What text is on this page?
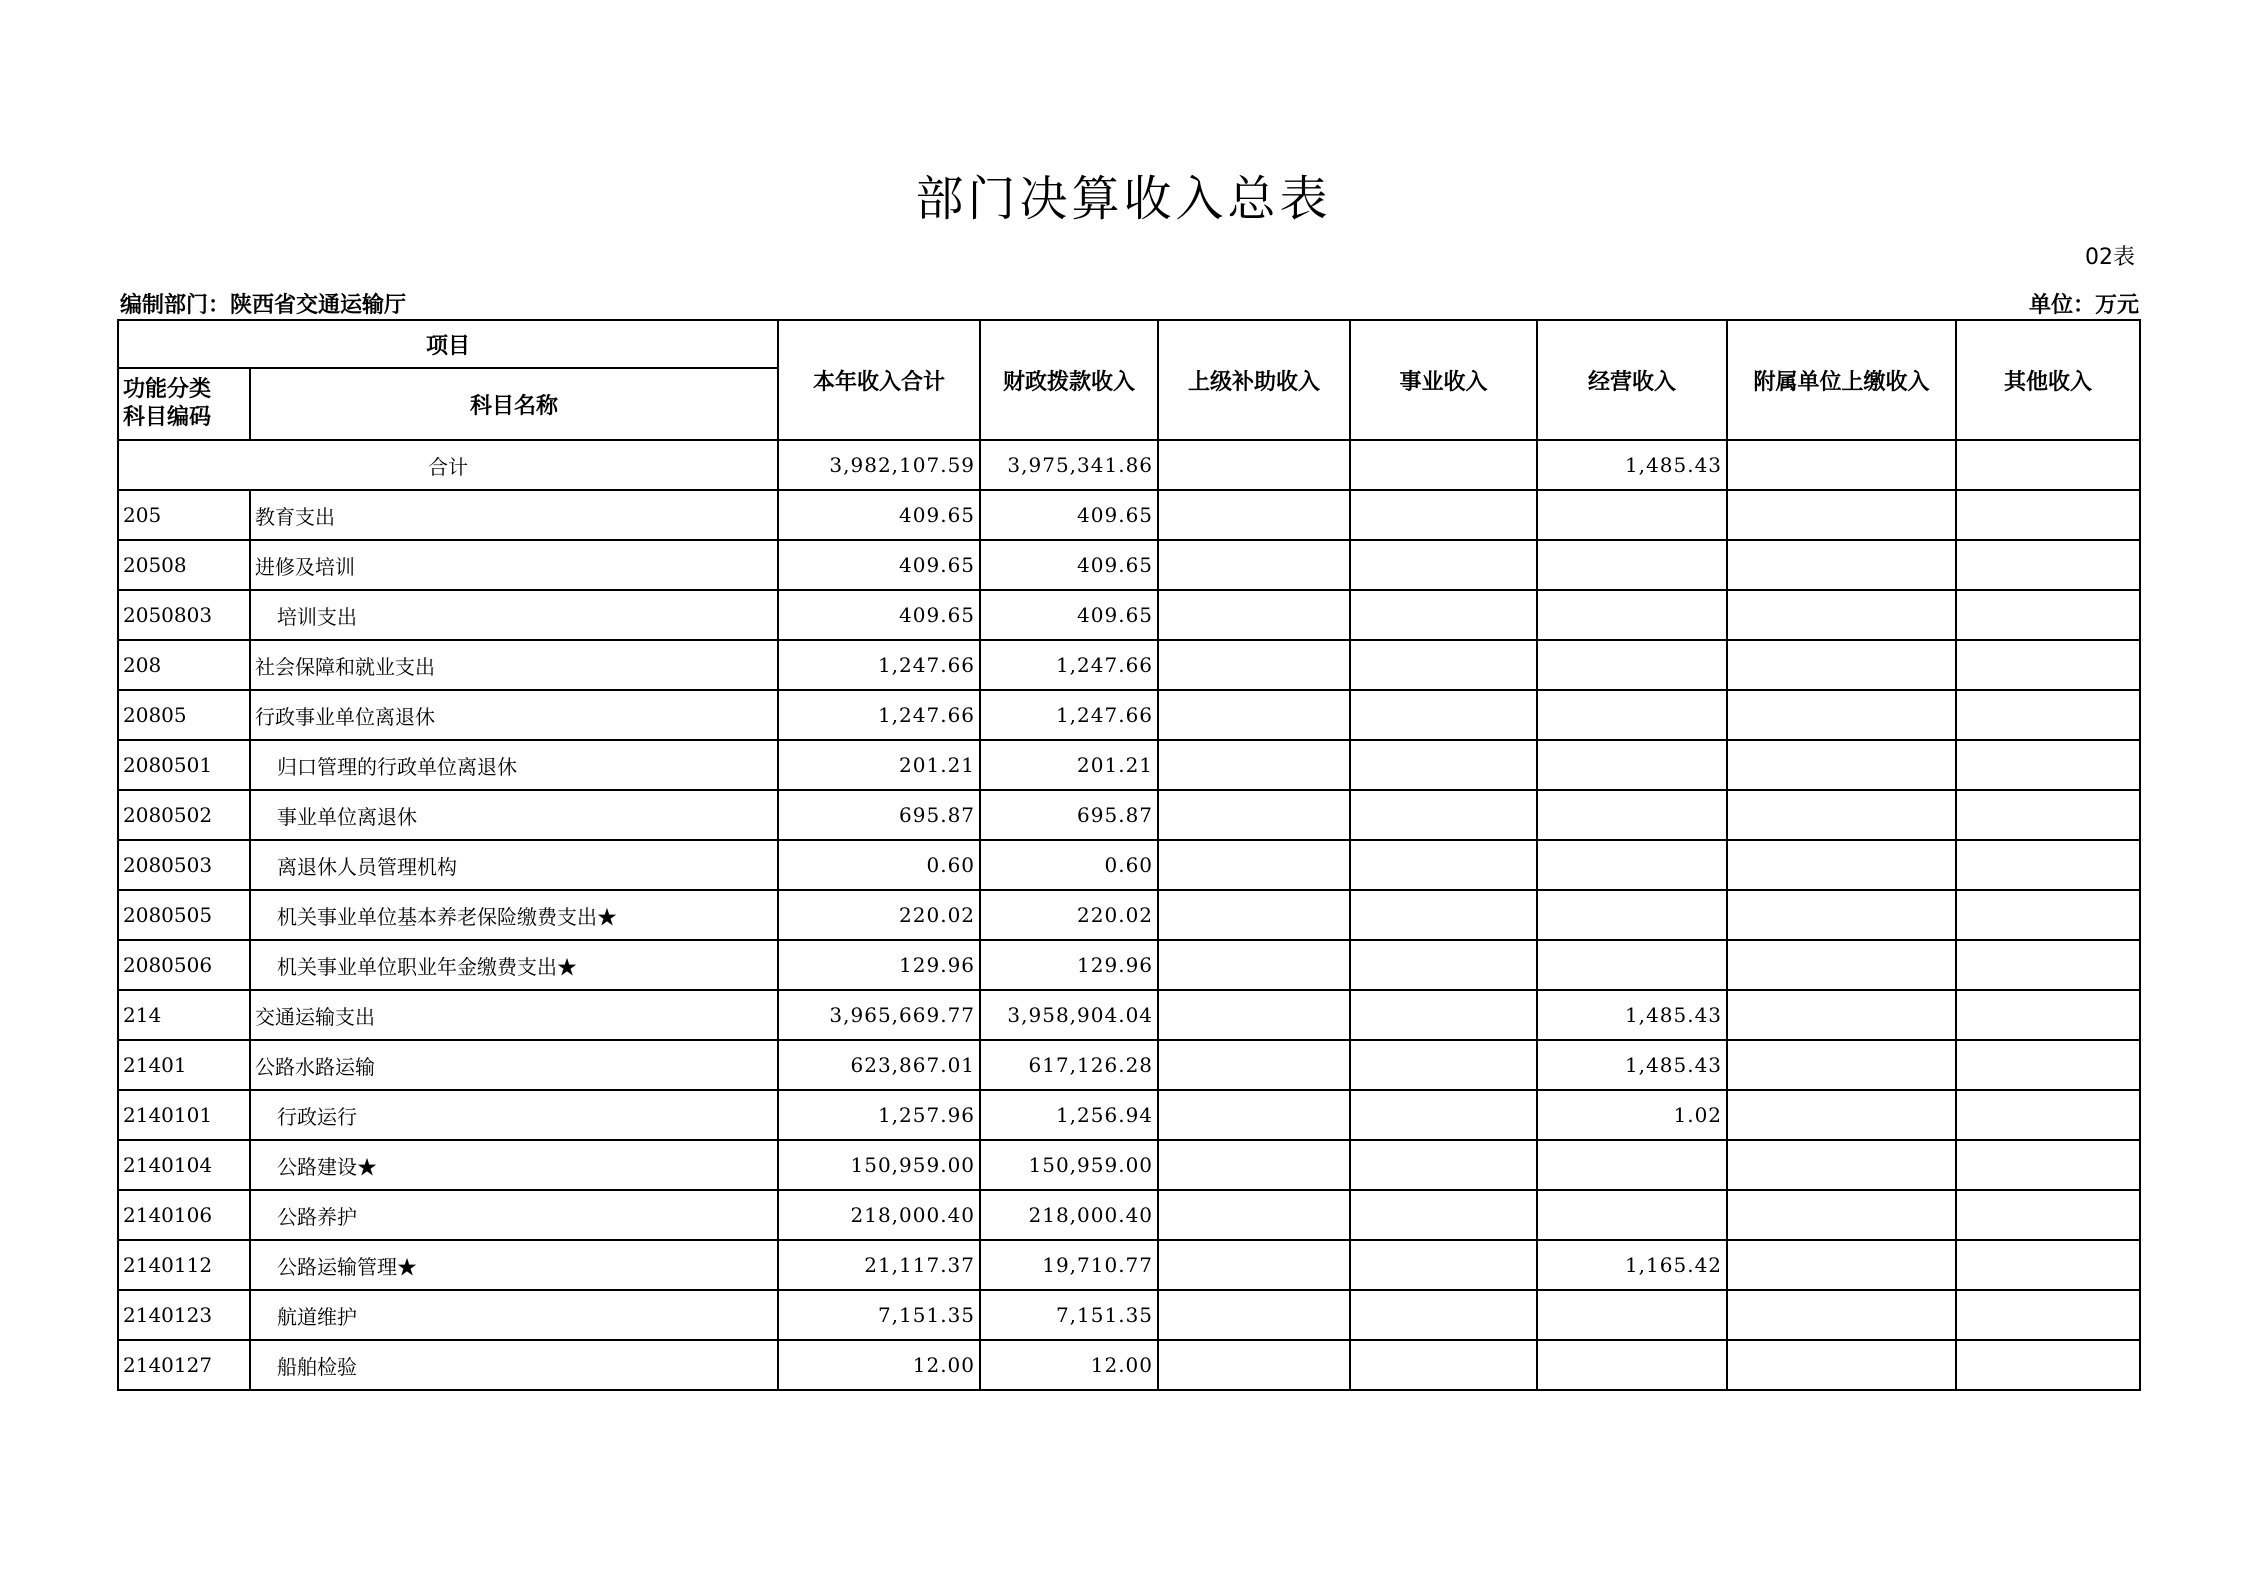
部门决算收入总表
02表
编制部门：陕西省交通运输厅	单位：万元
项目		本年收入合计	财政拨款收入	上级补助收入	事业收入	经营收入	附属单位上缴收入	其他收入
功能分类
科目编码	科目名称							
合计		3,982,107.59	3,975,341.86			1,485.43		
205	教育支出	409.65	409.65					
20508	进修及培训	409.65	409.65					
2050803	培训支出	409.65	409.65					
208	社会保障和就业支出	1,247.66	1,247.66					
20805	行政事业单位离退休	1,247.66	1,247.66					
2080501	归口管理的行政单位离退休	201.21	201.21					
2080502	事业单位离退休	695.87	695.87					
2080503	离退休人员管理机构	0.60	0.60					
2080505	机关事业单位基本养老保险缴费支出★	220.02	220.02					
2080506	机关事业单位职业年金缴费支出★	129.96	129.96					
214	交通运输支出	3,965,669.77	3,958,904.04			1,485.43		
21401	公路水路运输	623,867.01	617,126.28			1,485.43		
2140101	行政运行	1,257.96	1,256.94			1.02		
2140104	公路建设★	150,959.00	150,959.00					
2140106	公路养护	218,000.40	218,000.40					
2140112	公路运输管理★	21,117.37	19,710.77			1,165.42		
2140123	航道维护	7,151.35	7,151.35					
2140127	船舶检验	12.00	12.00					
